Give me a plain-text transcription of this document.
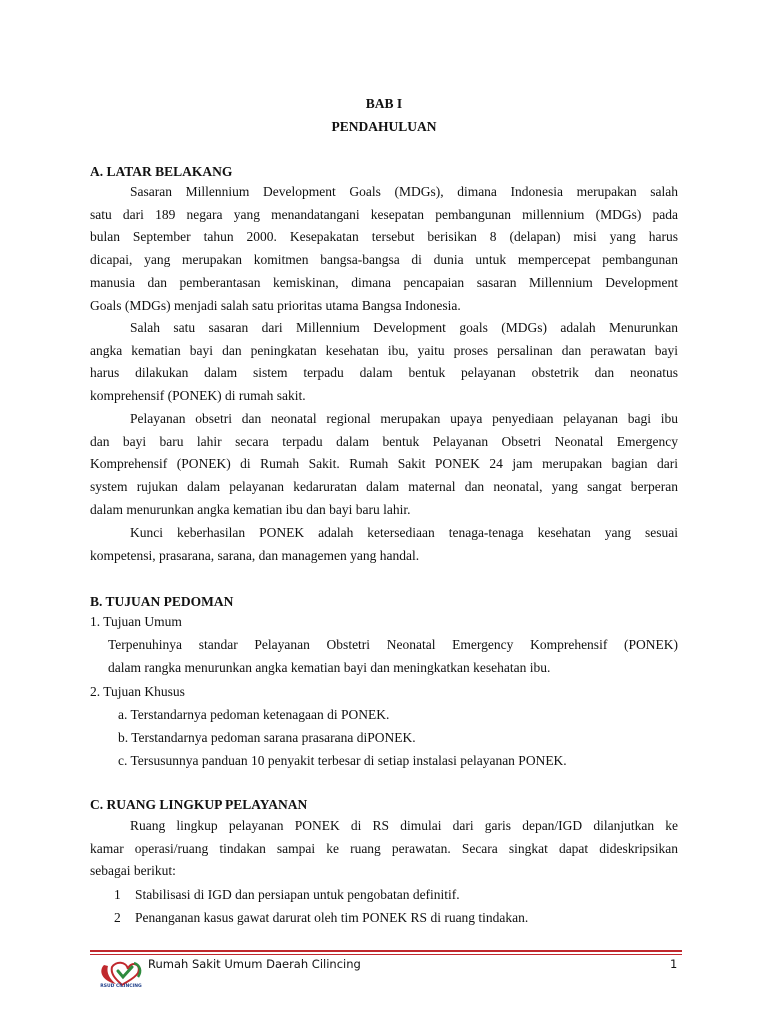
BAB I
PENDAHULUAN
A. LATAR BELAKANG
Sasaran Millennium Development Goals (MDGs), dimana Indonesia merupakan salah
satu dari 189 negara yang menandatangani kesepatan pembangunan millennium (MDGs) pada
bulan September tahun 2000. Kesepakatan tersebut berisikan 8 (delapan) misi yang harus
dicapai, yang merupakan komitmen bangsa-bangsa di dunia untuk mempercepat pembangunan
manusia dan pemberantasan kemiskinan, dimana pencapaian sasaran Millennium Development
Goals (MDGs) menjadi salah satu prioritas utama Bangsa Indonesia.
Salah satu sasaran dari Millennium Development goals (MDGs) adalah Menurunkan
angka kematian bayi dan peningkatan kesehatan ibu, yaitu proses persalinan dan perawatan bayi
harus dilakukan dalam sistem terpadu dalam bentuk pelayanan obstetrik dan neonatus
komprehensif (PONEK) di rumah sakit.
Pelayanan obsetri dan neonatal regional merupakan upaya penyediaan pelayanan bagi ibu
dan bayi baru lahir secara terpadu dalam bentuk Pelayanan Obsetri Neonatal Emergency
Komprehensif (PONEK) di Rumah Sakit. Rumah Sakit PONEK 24 jam merupakan bagian dari
system rujukan dalam pelayanan kedaruratan dalam maternal dan neonatal, yang sangat berperan
dalam menurunkan angka kematian ibu dan bayi baru lahir.
Kunci keberhasilan PONEK adalah ketersediaan tenaga-tenaga kesehatan yang sesuai
kompetensi, prasarana, sarana, dan managemen yang handal.
B. TUJUAN PEDOMAN
1. Tujuan Umum
Terpenuhinya standar Pelayanan Obstetri Neonatal Emergency Komprehensif (PONEK)
dalam rangka menurunkan angka kematian bayi dan meningkatkan kesehatan ibu.
2. Tujuan Khusus
a. Terstandarnya pedoman ketenagaan di PONEK.
b. Terstandarnya pedoman sarana prasarana diPONEK.
c. Tersusunnya panduan 10 penyakit terbesar di setiap instalasi pelayanan PONEK.
C. RUANG LINGKUP PELAYANAN
Ruang lingkup pelayanan PONEK di RS dimulai dari garis depan/IGD dilanjutkan ke
kamar operasi/ruang tindakan sampai ke ruang perawatan. Secara singkat dapat dideskripsikan
sebagai berikut:
1 Stabilisasi di IGD dan persiapan untuk pengobatan definitif.
2 Penanganan kasus gawat darurat oleh tim PONEK RS di ruang tindakan.
RSUD CILINCING
Rumah Sakit Umum Daerah Cilincing	1
